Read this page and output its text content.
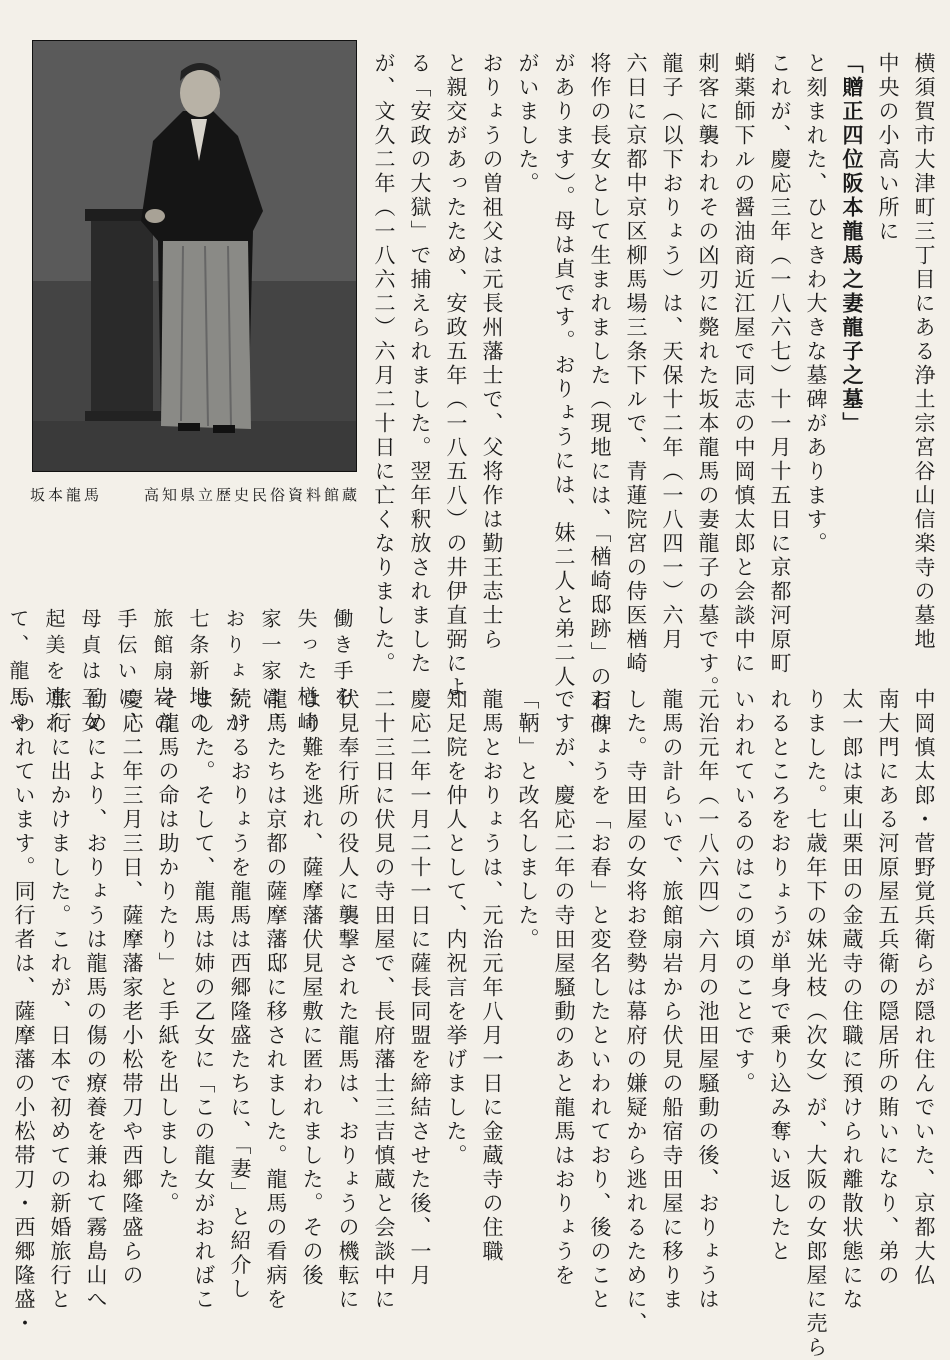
坂本龍馬	高知県立歴史民俗資料館蔵	横須賀市大津町三丁目にある浄土宗宮谷山信楽寺の墓地
中央の小高い所に
「贈正四位阪本龍馬之妻龍子之墓」
と刻まれた、ひときわ大きな墓碑があります。
これが、慶応三年（一八六七）十一月十五日に京都河原町
蛸薬師下ルの醤油商近江屋で同志の中岡慎太郎と会談中に
刺客に襲われその凶刃に斃れた坂本龍馬の妻龍子の墓です。
龍子（以下おりょう）は、天保十二年（一八四一）六月
六日に京都中京区柳馬場三条下ルで、青蓮院宮の侍医楢崎
将作の長女として生まれました（現地には、「楢崎邸跡」の石碑
があります）。母は貞です。おりょうには、妹二人と弟二人
がいました。
おりょうの曽祖父は元長州藩士で、父将作は勤王志士ら
と親交があったため、安政五年（一八五八）の井伊直弼によ
る「安政の大獄」で捕えられました。翌年釈放されました
が、文久二年（一八六二）六月二十日に亡くなりました。
働き手を
失った楢崎
家一家は、
おりょうが
七条新地の
旅館扇岩の
手伝いに、
母貞は三女
起美を連れ
て、龍馬や
中岡慎太郎・菅野覚兵衛らが隠れ住んでいた、京都大仏
南大門にある河原屋五兵衛の隠居所の賄いになり、弟の
太一郎は東山栗田の金蔵寺の住職に預けられ離散状態にな
りました。七歳年下の妹光枝（次女）が、大阪の女郎屋に売ら
れるところをおりょうが単身で乗り込み奪い返したと
いわれているのはこの頃のことです。
元治元年（一八六四）六月の池田屋騒動の後、おりょうは
龍馬の計らいで、旅館扇岩から伏見の船宿寺田屋に移りま
した。寺田屋の女将お登勢は幕府の嫌疑から逃れるために、
おりょうを「お春」と変名したといわれており、後のこと
ですが、慶応二年の寺田屋騒動のあと龍馬はおりょうを
「鞆」と改名しました。
龍馬とおりょうは、元治元年八月一日に金蔵寺の住職
知足院を仲人として、内祝言を挙げました。
慶応二年一月二十一日に薩長同盟を締結させた後、一月
二十三日に伏見の寺田屋で、長府藩士三吉慎蔵と会談中に
伏見奉行所の役人に襲撃された龍馬は、おりょうの機転に
より難を逃れ、薩摩藩伏見屋敷に匿われました。その後
龍馬たちは京都の薩摩藩邸に移されました。龍馬の看病を
続けるおりょうを龍馬は西郷隆盛たちに、「妻」と紹介し
ました。そして、龍馬は姉の乙女に「この龍女がおればこ
そ龍馬の命は助かりたり」と手紙を出しました。
慶応二年三月三日、薩摩藩家老小松帯刀や西郷隆盛らの
勧めにより、おりょうは龍馬の傷の療養を兼ねて霧島山へ
旅行に出かけました。これが、日本で初めての新婚旅行と
いわれています。同行者は、薩摩藩の小松帯刀・西郷隆盛・
